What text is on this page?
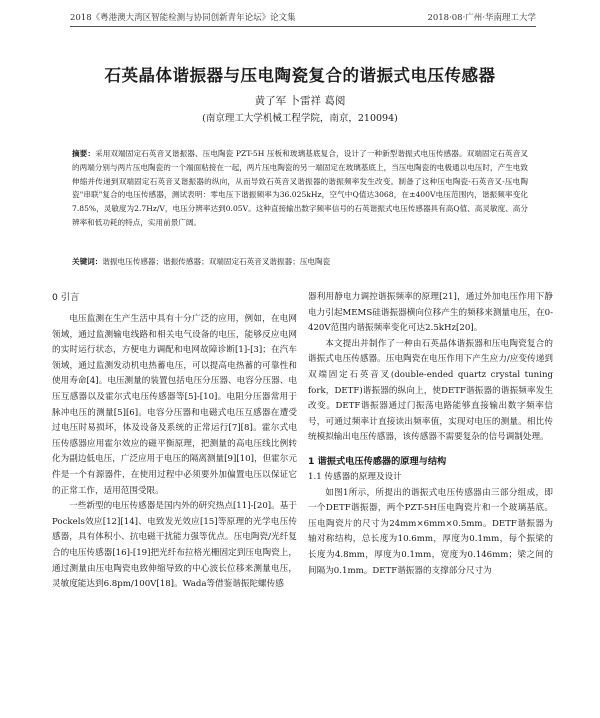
2018《粤港澳大湾区智能检测与协同创新青年论坛》论文集	2018·08·广州·华南理工大学
石英晶体谐振器与压电陶瓷复合的谐振式电压传感器
黄了军 卜雷祥 葛阅
(南京理工大学机械工程学院，南京，210094)
摘要：采用双端固定石英音叉谐振器、压电陶瓷 PZT-5H 压板和玻璃基底复合，设计了一种新型谐振式电压传感器。双端固定石英音叉的两端分别与两片压电陶瓷的一个端面粘接在一起，两片压电陶瓷的另一端固定在玻璃基底上，当压电陶瓷的电极通以电压时，产生电致伸缩并传递到双端固定石英音叉谐振器的纵向，从而导致石英音叉谐振器的谐振频率发生改变。制备了这种压电陶瓷-石英音叉-压电陶瓷"串联"复合的电压传感器，测试表明：零电压下谐振频率为36.025kHz，空气中Q值达3068，在±400V电压范围内，谐振频率变化7.85%，灵敏度为2.7Hz/V，电压分辨率达到0.05V。这种直接输出数字频率信号的石英谐振式电压传感器具有高Q值、高灵敏度、高分辨率和低功耗的特点，实用前景广阔。
关键词：谐振电压传感器；谐振传感器；双端固定石英音叉谐振器；压电陶瓷
0 引言

电压监测在生产生活中具有十分广泛的应用，例如，在电网领域，通过监测输电线路和相关电气设备的电压，能够反应电网的实时运行状态，方便电力调配和电网故障诊断[1]-[3]；在汽车领域，通过监测发动机电热蓄电压，可以提高电热蓄的可靠性和使用寿命[4]。电压测量的装置包括电压分压器、电容分压器、电压互感器以及霍尔式电压传感器等[5]-[10]。电阻分压器常用于脉冲电压的测量[5][6]。电容分压器和电磁式电压互感器在遭受过电压时易损坏，体及设备及系统的正常运行[7][8]。霍尔式电压传感器应用霍尔效应的磁平衡原理，把测量的高电压线比例转化为副边低电压，广泛应用于电压的隔离测量[9][10]，但霍尔元件是一个有源器件，在使用过程中必须要外加偏置电压以保证它的正常工作，适用范围受限。

一些新型的电压传感器是国内外的研究热点[11]-[20]。基于Pockels效应[12][14]、电致发光效应[15]等原理的光学电压传感器，具有体积小、抗电磁干扰能力强等优点。压电陶瓷/光纤复合的电压传感器[16]-[19]把光纤布拉格光栅固定到压电陶瓷上，通过测量由压电陶瓷电致伸缩导致的中心波长位移来测量电压，灵敏度能达到6.8pm/100V[18]。Wada等借鉴谐振陀螺传感

器利用静电力调控谐振频率的原理[21]，通过外加电压作用下静电力引起MEMS硅谐振器横向位移产生的频移来测量电压，在0-420V范围内谐振频率变化可达2.5kHz[20]。

本文提出并制作了一种由石英晶体谐振器和压电陶瓷复合的谐振式电压传感器。压电陶瓷在电压作用下产生应力/应变传递到双端固定石英音叉(double-ended quartz crystal tuning fork，DETF)谐振器的纵向上，使DETF谐振器的谐振频率发生改变。DETF谐振器通过门振荡电路能够直接输出数字频率信号，可通过频率计直接读出频率值，实现对电压的测量。相比传统模拟输出电压传感器，该传感器不需要复杂的信号调制处理。

1 谐振式电压传感器的原理与结构
1.1 传感器的原理及设计

如图1所示，所提出的谐振式电压传感器由三部分组成，即一个DETF谐振器，两个PZT-5H压电陶瓷片和一个玻璃基底。压电陶瓷片的尺寸为24mm×6mm×0.5mm。DETF谐振器为轴对称结构，总长度为10.6mm，厚度为0.1mm，每个振梁的长度为4.8mm，厚度为0.1mm，宽度为0.146mm；梁之间的间隔为0.1mm。DETF谐振器的支撑部分尺寸为
